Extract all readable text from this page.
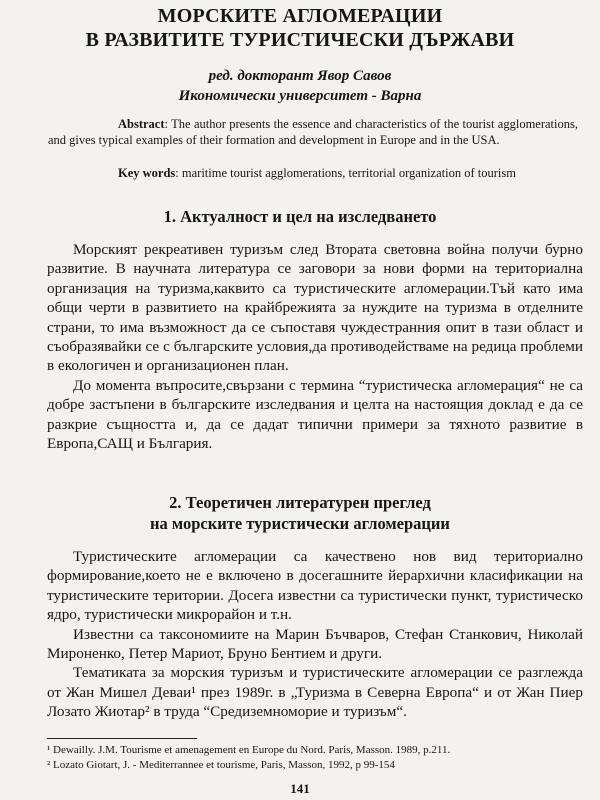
МОРСКИТЕ АГЛОМЕРАЦИИ
В РАЗВИТИТЕ ТУРИСТИЧЕСКИ ДЪРЖАВИ
ред. докторант Явор Савов
Икономически университет - Варна
Abstract: The author presents the essence and characteristics of the tourist agglomerations, and gives typical examples of their formation and development in Europe and in the USA.
Key words: maritime tourist agglomerations, territorial organization of tourism
1. Актуалност и цел на изследването

Морският рекреативен туризъм след Втората световна война получи бурно развитие. В научната литература се заговори за нови форми на териториална организация на туризма,каквито са туристическите агломерации.Тъй като има общи черти в развитието на крайбрежията за нуждите на туризма в отделните страни, то има възможност да се съпоставя чуждестранния опит в тази област и съобразявайки се с българските условия,да противодействаме на редица проблеми в екологичен и организационен план.

До момента въпросите,свързани с термина “туристическа агломерация“ не са добре застъпени в българските изследвания и целта на настоящия доклад е да се разкрие същността и, да се дадат типични примери за тяхното развитие в Европа,САЩ и България.

2. Теоретичен литературен преглед
на морските туристически агломерации

Туристическите агломерации са качествено нов вид териториално формирование,което не е включено в досегашните йерархични класификации на туристическите територии. Досега известни са туристически пункт, туристическо ядро, туристически микрорайон и т.н.

Известни са таксономиите на Марин Бъчваров, Стефан Станкович, Николай Мироненко, Петер Мариот, Бруно Бентием и други.

Тематиката за морския туризъм и туристическите агломерации се разглежда от Жан Мишел Деваи¹ през 1989г. в „Туризма в Северна Европа“ и от Жан Пиер Лозато Жиотар² в труда “Средиземноморие и туризъм“.

¹ Dewailly. J.M. Tourisme et amenagement en Europe du Nord. Paris, Masson. 1989, p.211.
² Lozato Giotart, J. - Mediterrannee et tourisme, Paris, Masson, 1992, p 99-154
141
